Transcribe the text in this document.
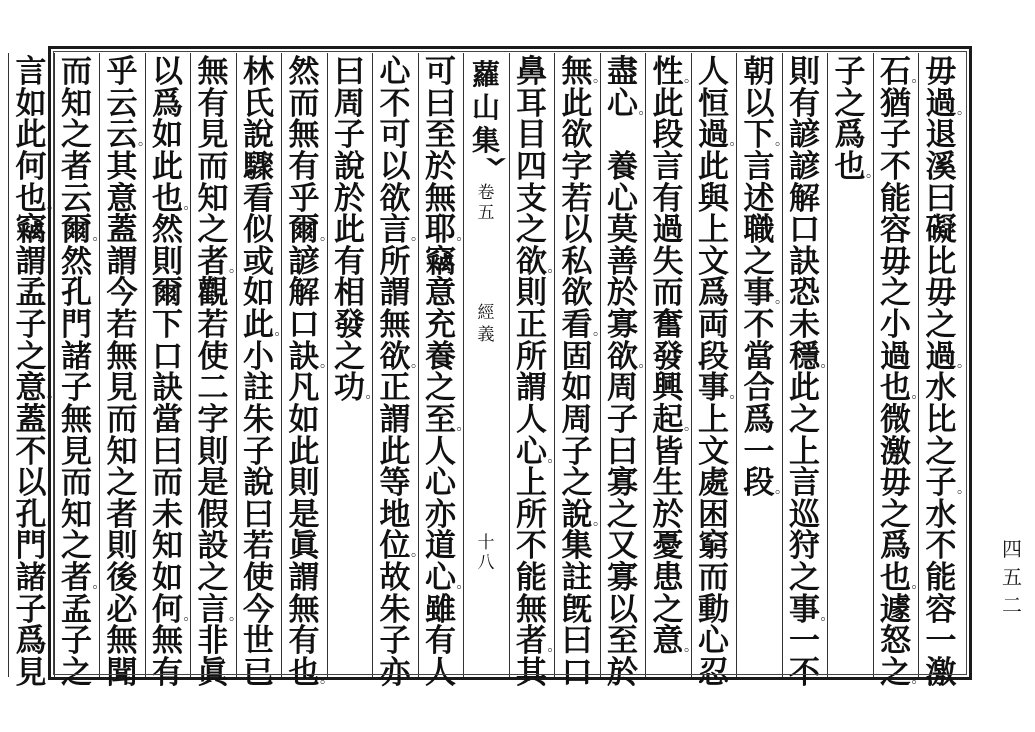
四
五
二
毋
過 。
退
溪
曰
礙
比
毋
之
過 。
水
比
之
子 。
水
不
能
容
一
激
石 。
猶
子
不
能
容
毋
之
小
過
也 。
微
激
毋
之
爲
也 。
遽
怒
之 。
子
之
爲
也 。
則
有
諺
諺
解
口
訣
恐
未
穩 。
此
之
上
言
巡
狩
之
事 。
一
不
朝
以
下 。
言
述
職
之
事 。
不
當
合
爲
一
段 。
人
恒
過 。
此
與
上
文
爲
両
段
事 。
上
文
處
困
窮
而
動
心
忍
性 。
此
段
言
有
過
失
而
奮
發
興
起 。
皆
生
於
憂
患
之
意 。
盡
心 。
養
心
莫
善
於
寡
欲 。
周
子
曰
寡
之
又
寡
以
至
於
無 。
此
欲
字
若
以
私
欲
看 。
固
如
周
子
之
說 。
集
註
旣
曰
口
鼻
耳
目
四
支
之
欲 。
則
正
所
謂
人
心 。
上
所
不
能
無
者 。
其
蘿
山
集
卷
五
經
義
十
八
可
曰
至
於
無
耶 。
竊
意
充
養
之
至 。
人
心
亦
道
心 。
雖
有
人
心
不
可
以
欲
言 。
所
謂
無
欲 。
正
謂
此
等
地
位 。
故
朱
子
亦
曰
周
子
說
於
此
有
相
發
之
功 。
然
而
無
有
乎
爾 。
諺
解
口
訣 。
凡
如
此
則
是
眞
謂
無
有
也 。
林
氏
說
驟
看
似
或
如
此 。
小
註
朱
子
說
曰
若
使
今
世
已
無
有
見
而
知
之
者 。
觀
若
使
二
字
則
是
假
設
之
言 。
非
眞
以
爲
如
此
也 。
然
則
爾
下
口
訣
當
曰
而
未
知
如
何 。
無
有
乎
云
云 。
其
意
蓋
謂
今
若
無
見
而
知
之
者
則
後
必
無
聞
而
知
之
者
云
爾 。
然
孔
門
諸
子
無
見
而
知
之
者 。
孟
子
之
言
如
此
何
也 。
竊
謂
孟
子
之
意 。
蓋
不
以
孔
門
諸
子
爲
見
